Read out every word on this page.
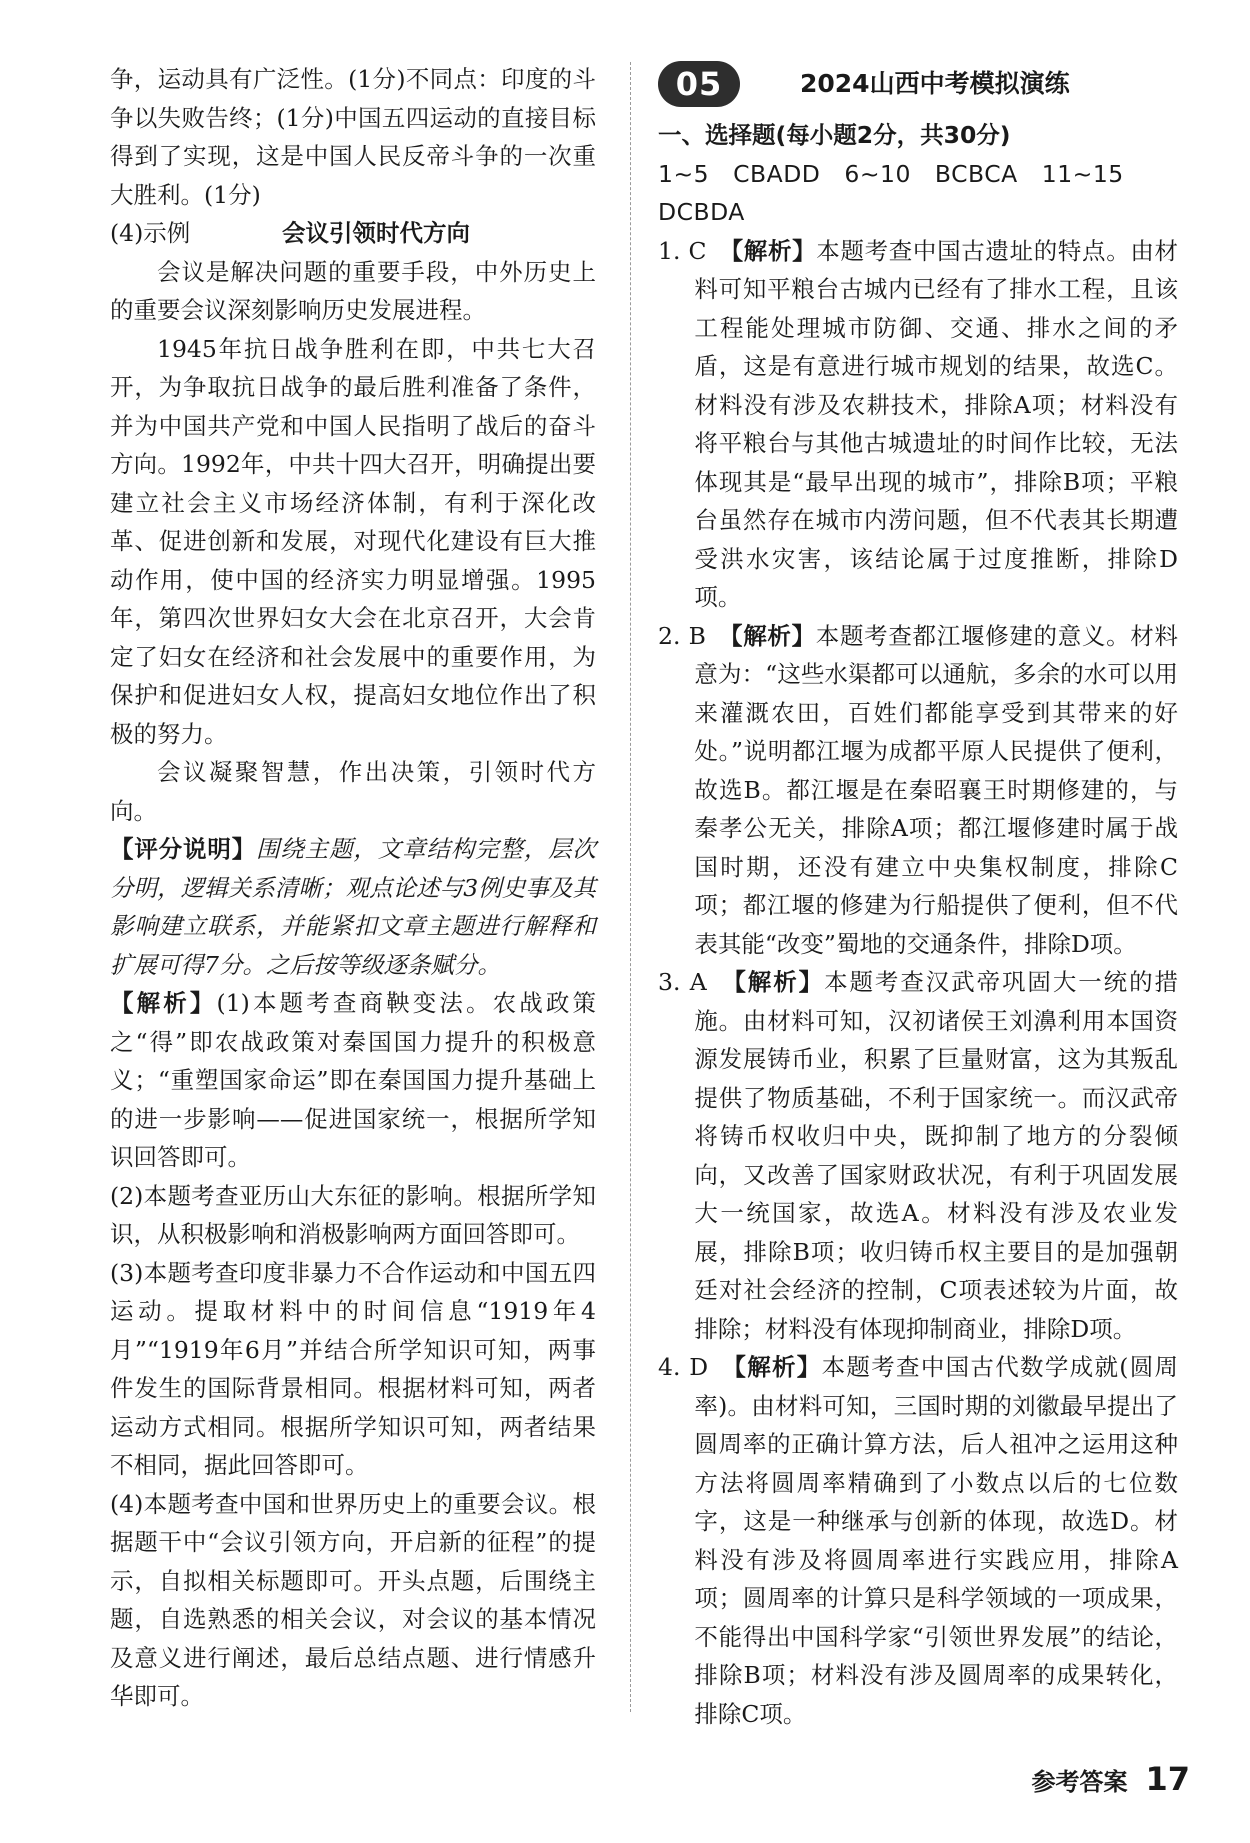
争，运动具有广泛性。(1分)不同点：印度的斗争以失败告终；(1分)中国五四运动的直接目标得到了实现，这是中国人民反帝斗争的一次重大胜利。(1分)

(4)示例	会议引领时代方向

会议是解决问题的重要手段，中外历史上的重要会议深刻影响历史发展进程。

1945年抗日战争胜利在即，中共七大召开，为争取抗日战争的最后胜利准备了条件，并为中国共产党和中国人民指明了战后的奋斗方向。1992年，中共十四大召开，明确提出要建立社会主义市场经济体制，有利于深化改革、促进创新和发展，对现代化建设有巨大推动作用，使中国的经济实力明显增强。1995年，第四次世界妇女大会在北京召开，大会肯定了妇女在经济和社会发展中的重要作用，为保护和促进妇女人权，提高妇女地位作出了积极的努力。

会议凝聚智慧，作出决策，引领时代方向。

【评分说明】围绕主题，文章结构完整，层次分明，逻辑关系清晰；观点论述与3例史事及其影响建立联系，并能紧扣文章主题进行解释和扩展可得7分。之后按等级逐条赋分。

【解析】(1)本题考查商鞅变法。农战政策之“得”即农战政策对秦国国力提升的积极意义；“重塑国家命运”即在秦国国力提升基础上的进一步影响——促进国家统一，根据所学知识回答即可。

(2)本题考查亚历山大东征的影响。根据所学知识，从积极影响和消极影响两方面回答即可。

(3)本题考查印度非暴力不合作运动和中国五四运动。提取材料中的时间信息“1919年4月”“1919年6月”并结合所学知识可知，两事件发生的国际背景相同。根据材料可知，两者运动方式相同。根据所学知识可知，两者结果不相同，据此回答即可。

(4)本题考查中国和世界历史上的重要会议。根据题干中“会议引领方向，开启新的征程”的提示，自拟相关标题即可。开头点题，后围绕主题，自选熟悉的相关会议，对会议的基本情况及意义进行阐述，最后总结点题、进行情感升华即可。

05	2024山西中考模拟演练

一、选择题(每小题2分，共30分)

1~5　CBADD　6~10　BCBCA　11~15　DCBDA

1. C　 【解析】本题考查中国古遗址的特点。由材料可知平粮台古城内已经有了排水工程，且该工程能处理城市防御、交通、排水之间的矛盾，这是有意进行城市规划的结果，故选C。材料没有涉及农耕技术，排除A项；材料没有将平粮台与其他古城遗址的时间作比较，无法体现其是“最早出现的城市”，排除B项；平粮台虽然存在城市内涝问题，但不代表其长期遭受洪水灾害，该结论属于过度推断，排除D项。

2. B　 【解析】本题考查都江堰修建的意义。材料意为：“这些水渠都可以通航，多余的水可以用来灌溉农田，百姓们都能享受到其带来的好处。”说明都江堰为成都平原人民提供了便利，故选B。都江堰是在秦昭襄王时期修建的，与秦孝公无关，排除A项；都江堰修建时属于战国时期，还没有建立中央集权制度，排除C项；都江堰的修建为行船提供了便利，但不代表其能“改变”蜀地的交通条件，排除D项。

3. A　 【解析】本题考查汉武帝巩固大一统的措施。由材料可知，汉初诸侯王刘濞利用本国资源发展铸币业，积累了巨量财富，这为其叛乱提供了物质基础，不利于国家统一。而汉武帝将铸币权收归中央，既抑制了地方的分裂倾向，又改善了国家财政状况，有利于巩固发展大一统国家，故选A。材料没有涉及农业发展，排除B项；收归铸币权主要目的是加强朝廷对社会经济的控制，C项表述较为片面，故排除；材料没有体现抑制商业，排除D项。

4. D　 【解析】本题考查中国古代数学成就(圆周率)。由材料可知，三国时期的刘徽最早提出了圆周率的正确计算方法，后人祖冲之运用这种方法将圆周率精确到了小数点以后的七位数字，这是一种继承与创新的体现，故选D。材料没有涉及将圆周率进行实践应用，排除A项；圆周率的计算只是科学领域的一项成果，不能得出中国科学家“引领世界发展”的结论，排除B项；材料没有涉及圆周率的成果转化，排除C项。

参考答案 17
